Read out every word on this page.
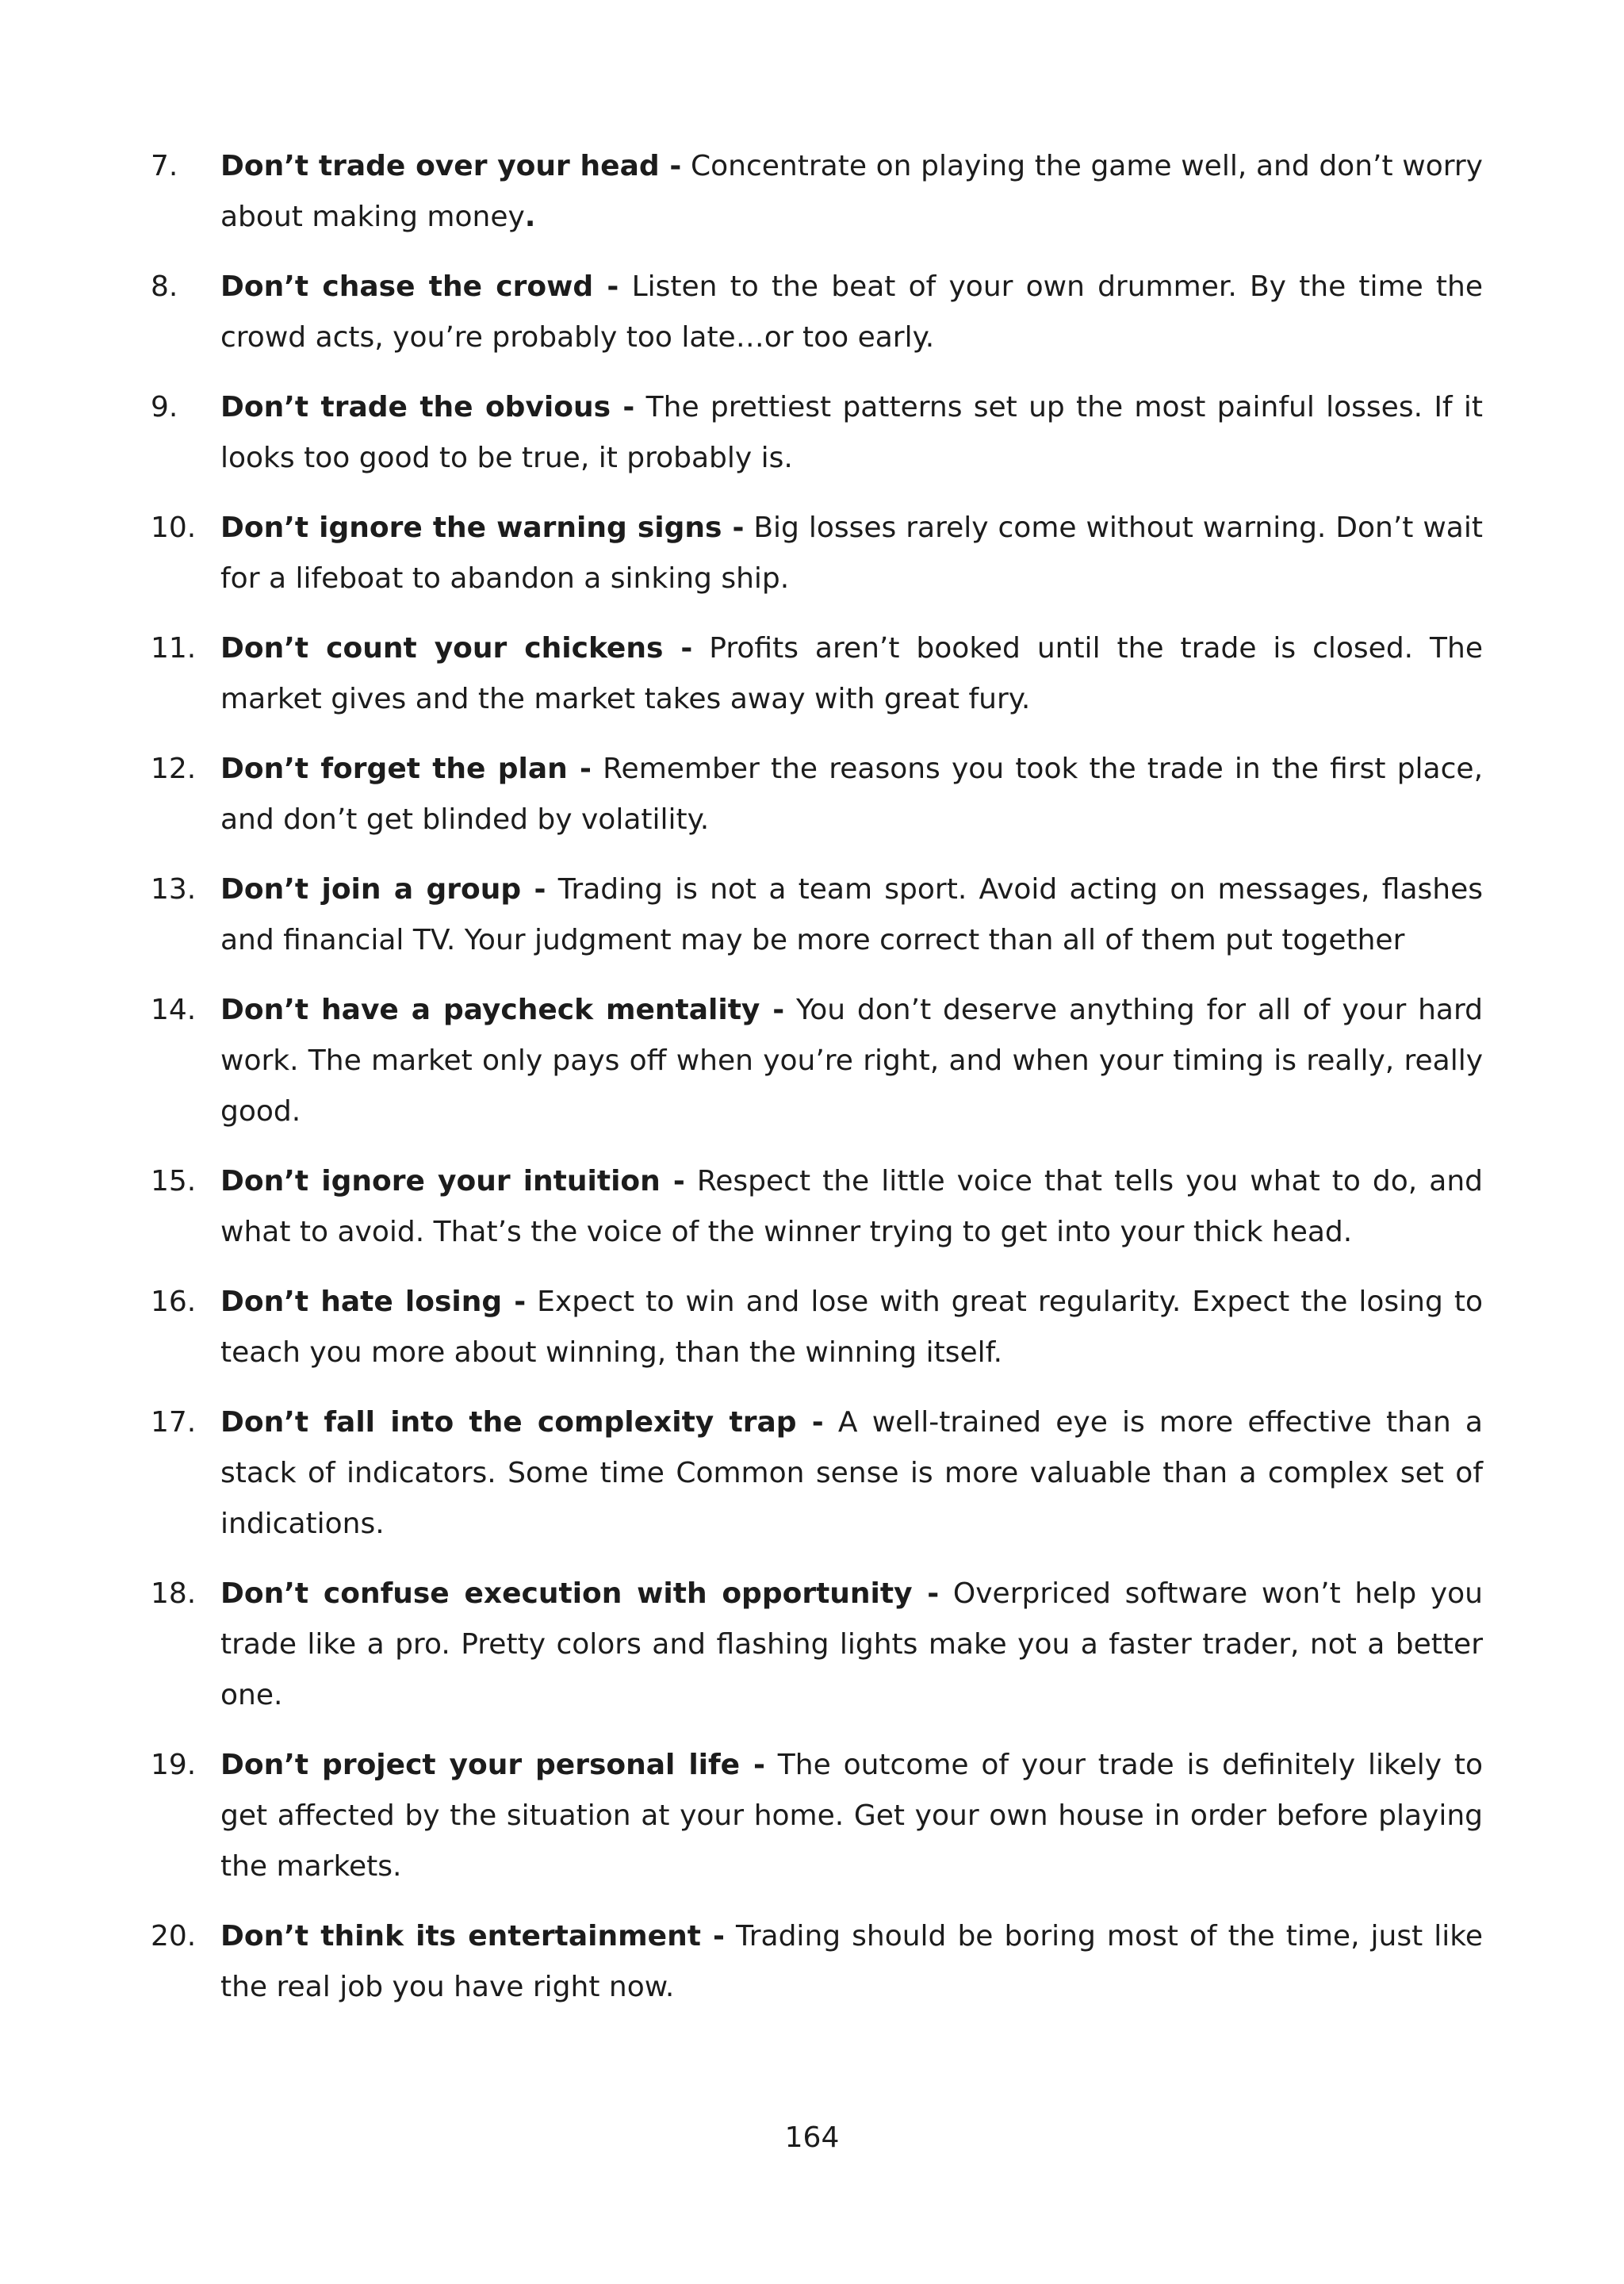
7.	Don’t trade over your head - Concentrate on playing the game well, and don’t worry about making money.
8.	Don’t chase the crowd - Listen to the beat of your own drummer. By the time the crowd acts, you’re probably too late…or too early.
9.	Don’t trade the obvious - The prettiest patterns set up the most painful losses. If it looks too good to be true, it probably is.
10. Don’t ignore the warning signs - Big losses rarely come without warning. Don’t wait for a lifeboat to abandon a sinking ship.
11. Don’t count your chickens - Profits aren’t booked until the trade is closed. The market gives and the market takes away with great fury.
12. Don’t forget the plan - Remember the reasons you took the trade in the first place, and don’t get blinded by volatility.
13. Don’t join a group - Trading is not a team sport. Avoid acting on messages, flashes and financial TV. Your judgment may be more correct than all of them put together
14. Don’t have a paycheck mentality - You don’t deserve anything for all of your hard work. The market only pays off when you’re right, and when your timing is really, really good.
15. Don’t ignore your intuition - Respect the little voice that tells you what to do, and what to avoid. That’s the voice of the winner trying to get into your thick head.
16. Don’t hate losing - Expect to win and lose with great regularity. Expect the losing to teach you more about winning, than the winning itself.
17. Don’t fall into the complexity trap - A well-trained eye is more effective than a stack of indicators. Some time Common sense is more valuable than a complex set of indications.
18. Don’t confuse execution with opportunity - Overpriced software won’t help you trade like a pro. Pretty colors and flashing lights make you a faster trader, not a better one.
19. Don’t project your personal life - The outcome of your trade is definitely likely to get affected by the situation at your home. Get your own house in order before playing the markets.
20. Don’t think its entertainment - Trading should be boring most of the time, just like the real job you have right now.
164
